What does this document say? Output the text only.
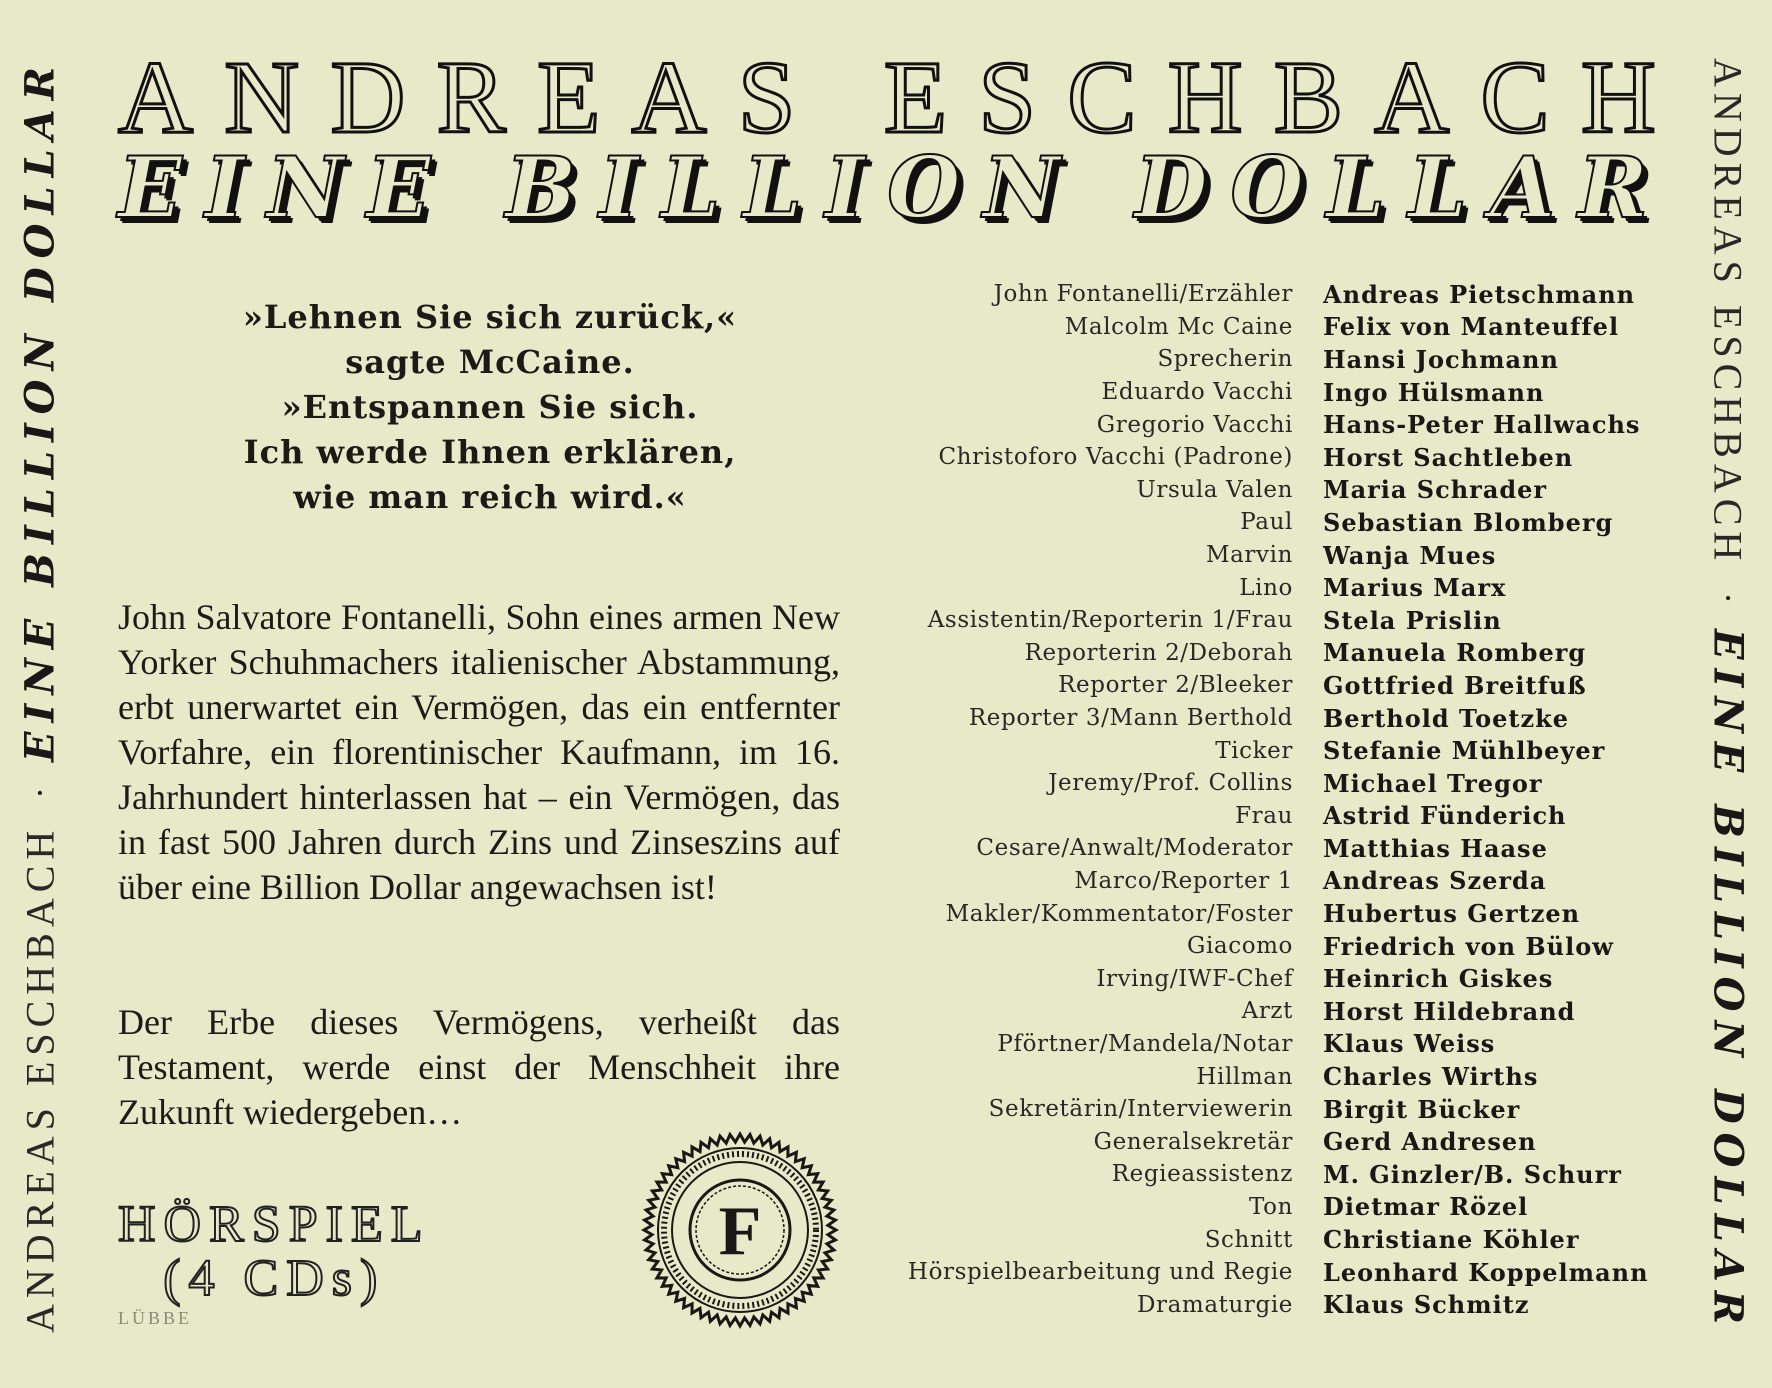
ANDREAS ESCHBACH
·
EINE BILLION DOLLAR	ANDREAS ESCHBACH
·
EINE BILLION DOLLAR
A N D R E A S
E S C H B A C H
E I N E
B I L L I O N
D O L L A R
»Lehnen Sie sich zurück,«
sagte McCaine.
»Entspannen Sie sich.
Ich werde Ihnen erklären,
wie man reich wird.«
John Salvatore Fontanelli, Sohn eines armen New Yorker Schuhmachers italienischer Abstammung, erbt unerwartet ein Vermögen, das ein entfernter Vorfahre, ein florentinischer Kaufmann, im 16. Jahrhundert hinterlassen hat – ein Vermögen, das in fast 500 Jahren durch Zins und Zinseszins auf über eine Billion Dollar angewachsen ist!
Der Erbe dieses Vermögens, verheißt das Testament, werde einst der Menschheit ihre Zukunft wiedergeben…
HÖRSPIEL
(4 CDs)
LÜBBE
F
John Fontanelli/Erzähler	Andreas Pietschmann
Malcolm Mc Caine	Felix von Manteuffel
Sprecherin	Hansi Jochmann
Eduardo Vacchi	Ingo Hülsmann
Gregorio Vacchi	Hans-Peter Hallwachs
Christoforo Vacchi (Padrone)	Horst Sachtleben
Ursula Valen	Maria Schrader
Paul	Sebastian Blomberg
Marvin	Wanja Mues
Lino	Marius Marx
Assistentin/Reporterin 1/Frau	Stela Prislin
Reporterin 2/Deborah	Manuela Romberg
Reporter 2/Bleeker	Gottfried Breitfuß
Reporter 3/Mann Berthold	Berthold Toetzke
Ticker	Stefanie Mühlbeyer
Jeremy/Prof. Collins	Michael Tregor
Frau	Astrid Fünderich
Cesare/Anwalt/Moderator	Matthias Haase
Marco/Reporter 1	Andreas Szerda
Makler/Kommentator/Foster	Hubertus Gertzen
Giacomo	Friedrich von Bülow
Irving/IWF-Chef	Heinrich Giskes
Arzt	Horst Hildebrand
Pförtner/Mandela/Notar	Klaus Weiss
Hillman	Charles Wirths
Sekretärin/Interviewerin	Birgit Bücker
Generalsekretär	Gerd Andresen
Regieassistenz	M. Ginzler/B. Schurr
Ton	Dietmar Rözel
Schnitt	Christiane Köhler
Hörspielbearbeitung und Regie	Leonhard Koppelmann
Dramaturgie	Klaus Schmitz
